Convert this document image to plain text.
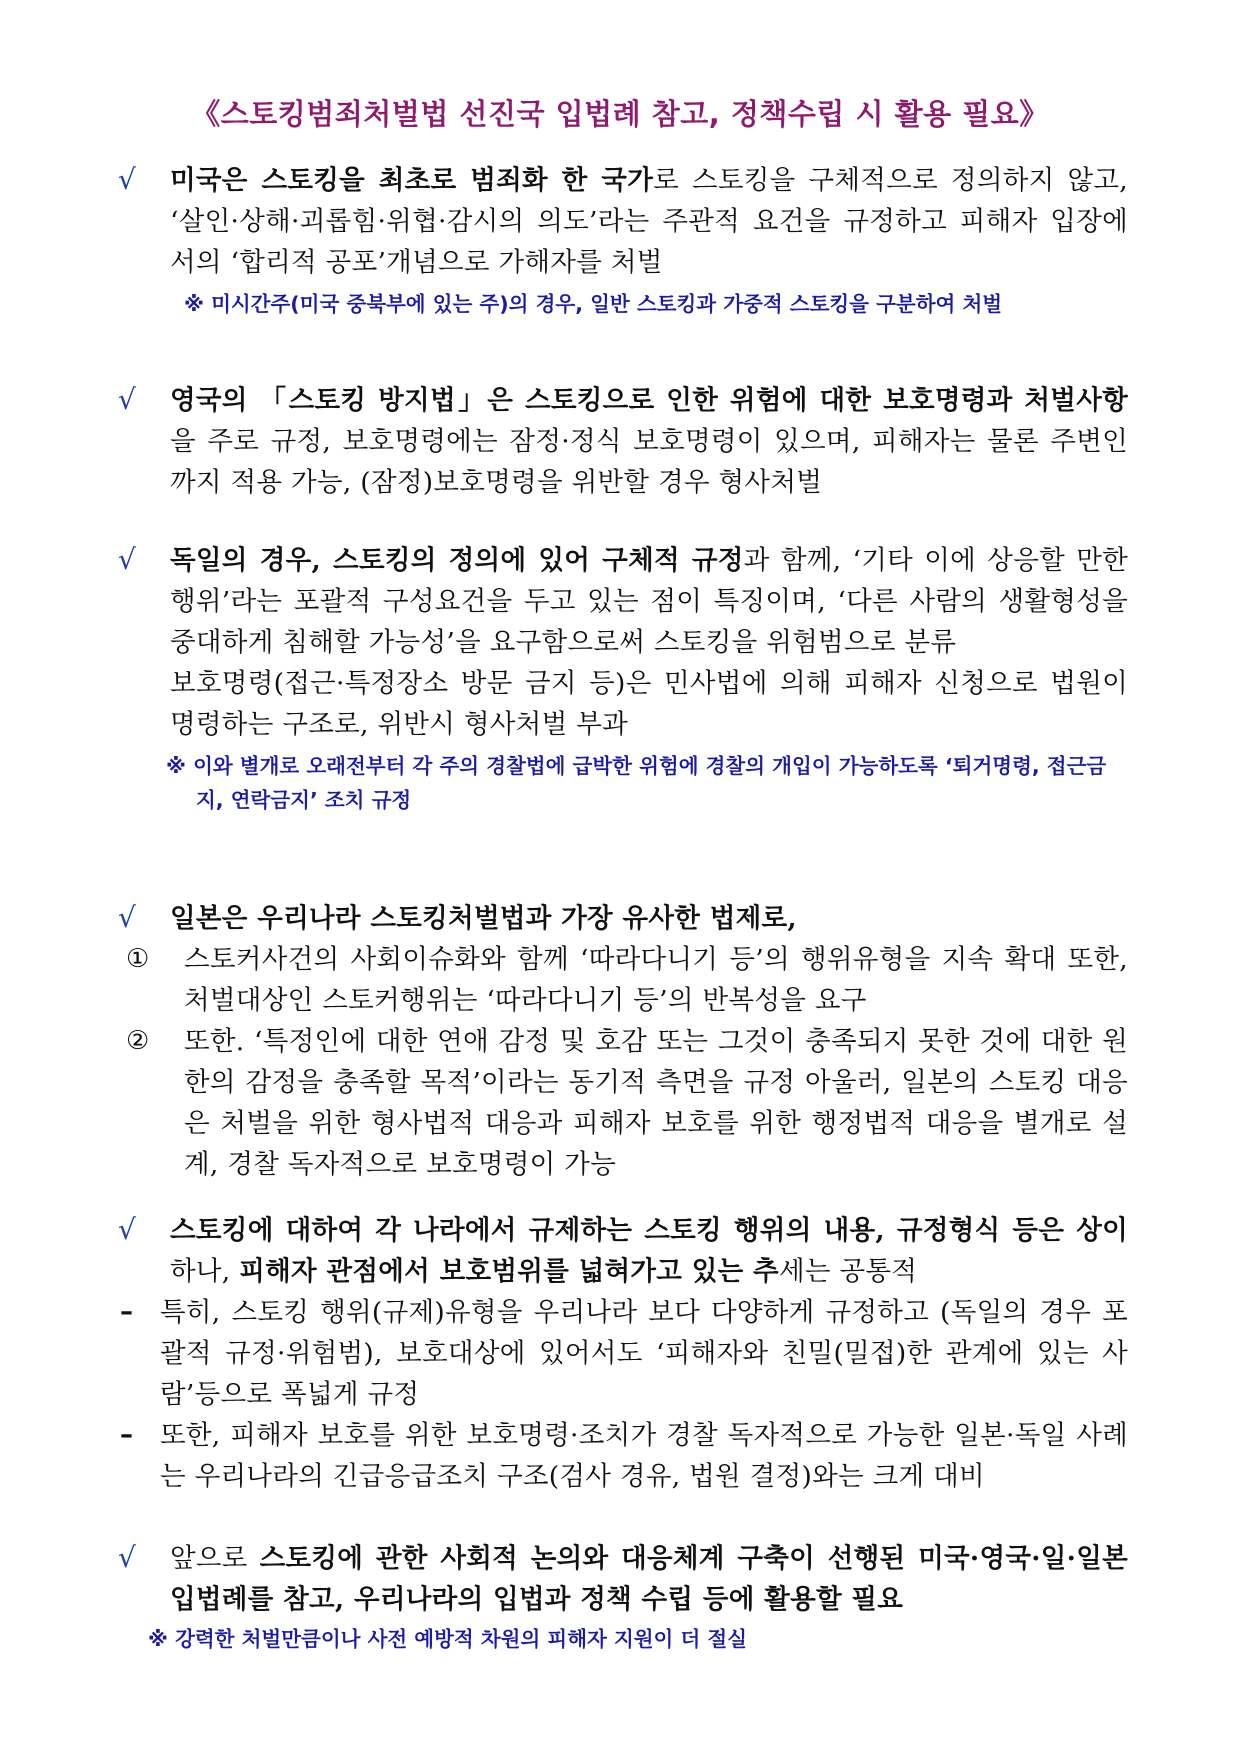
《스토킹범죄처벌법 선진국 입법례 참고, 정책수립 시 활용 필요》
√ 미국은 스토킹을 최초로 범죄화 한 국가로 스토킹을 구체적으로 정의하지 않고, ‘살인·상해·괴롭힘·위협·감시의 의도’라는 주관적 요건을 규정하고 피해자 입장에서의 ‘합리적 공포’개념으로 가해자를 처벌
※ 미시간주(미국 중북부에 있는 주)의 경우, 일반 스토킹과 가중적 스토킹을 구분하여 처벌
√ 영국의 「스토킹 방지법」은 스토킹으로 인한 위험에 대한 보호명령과 처벌사항을 주로 규정, 보호명령에는 잠정·정식 보호명령이 있으며, 피해자는 물론 주변인까지 적용 가능, (잠정)보호명령을 위반할 경우 형사처벌
√ 독일의 경우, 스토킹의 정의에 있어 구체적 규정과 함께, ‘기타 이에 상응할 만한 행위’라는 포괄적 구성요건을 두고 있는 점이 특징이며, ‘다른 사람의 생활형성을 중대하게 침해할 가능성’을 요구함으로써 스토킹을 위험범으로 분류
보호명령(접근·특정장소 방문 금지 등)은 민사법에 의해 피해자 신청으로 법원이 명령하는 구조로, 위반시 형사처벌 부과
※ 이와 별개로 오래전부터 각 주의 경찰법에 급박한 위험에 경찰의 개입이 가능하도록 ‘퇴거명령, 접근금지, 연락금지’ 조치 규정
√ 일본은 우리나라 스토킹처벌법과 가장 유사한 법제로,
① 스토커사건의 사회이슈화와 함께 ‘따라다니기 등’의 행위유형을 지속 확대 또한, 처벌대상인 스토커행위는 ‘따라다니기 등’의 반복성을 요구
② 또한. ‘특정인에 대한 연애 감정 및 호감 또는 그것이 충족되지 못한 것에 대한 원한의 감정을 충족할 목적’이라는 동기적 측면을 규정 아울러, 일본의 스토킹 대응은 처벌을 위한 형사법적 대응과 피해자 보호를 위한 행정법적 대응을 별개로 설계, 경찰 독자적으로 보호명령이 가능
√ 스토킹에 대하여 각 나라에서 규제하는 스토킹 행위의 내용, 규정형식 등은 상이하나, 피해자 관점에서 보호범위를 넓혀가고 있는 추세는 공통적
– 특히, 스토킹 행위(규제)유형을 우리나라 보다 다양하게 규정하고 (독일의 경우 포괄적 규정·위험범), 보호대상에 있어서도 ‘피해자와 친밀(밀접)한 관계에 있는 사람’등으로 폭넓게 규정
– 또한, 피해자 보호를 위한 보호명령·조치가 경찰 독자적으로 가능한 일본·독일 사례는 우리나라의 긴급응급조치 구조(검사 경유, 법원 결정)와는 크게 대비
√ 앞으로 스토킹에 관한 사회적 논의와 대응체계 구축이 선행된 미국·영국·일·일본 입법례를 참고, 우리나라의 입법과 정책 수립 등에 활용할 필요
※ 강력한 처벌만큼이나 사전 예방적 차원의 피해자 지원이 더 절실
